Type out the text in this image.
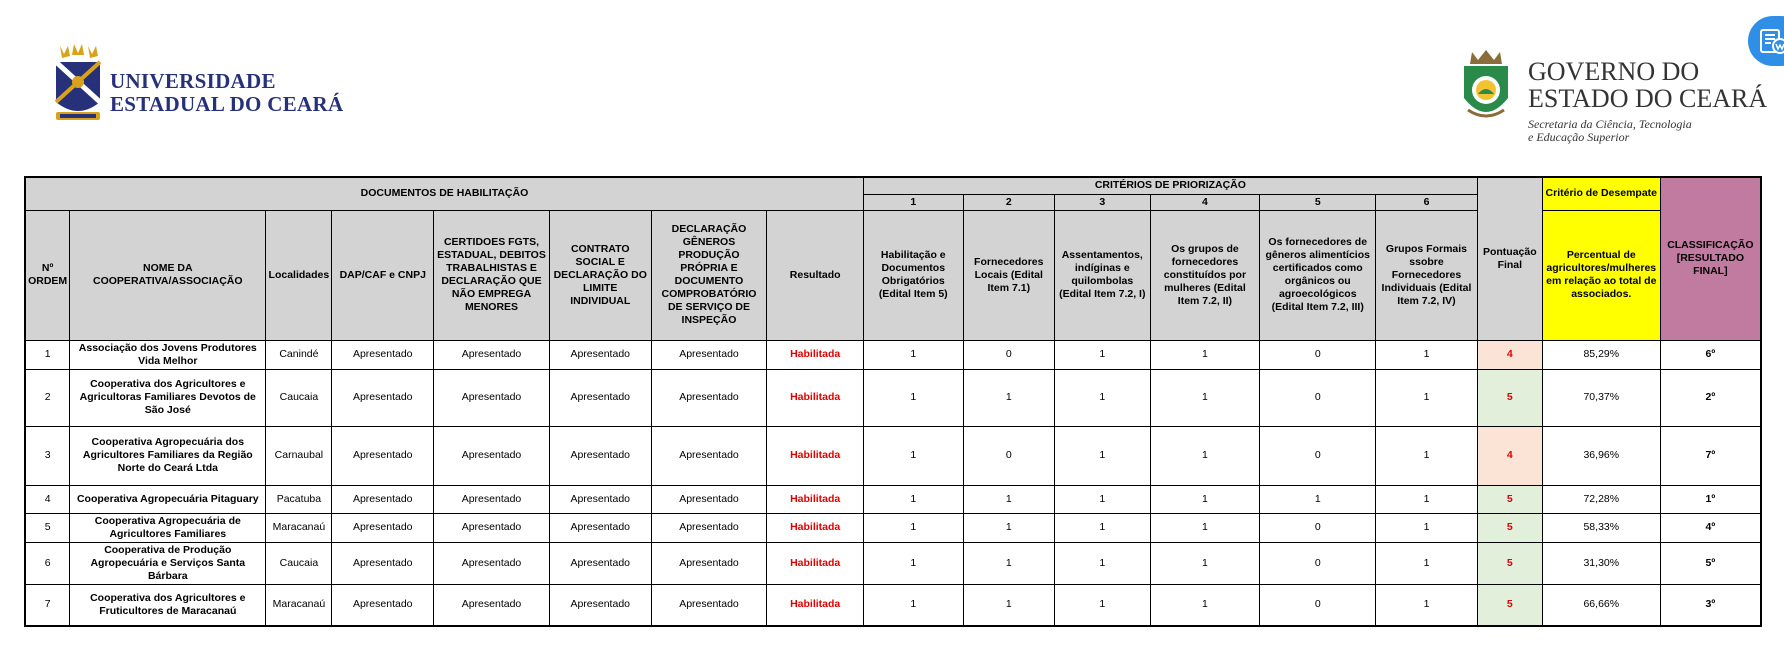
UNIVERSIDADE
ESTADUAL DO CEARÁ
GOVERNO DO
ESTADO DO CEARÁ
Secretaria da Ciência, Tecnologia
e Educação Superior
DOCUMENTOS DE HABILITAÇÃO								CRITÉRIOS DE PRIORIZAÇÃO						Pontuação Final	Critério de Desempate	CLASSIFICAÇÃO [RESULTADO FINAL]
								1	2	3	4	5	6			
Nº ORDEM	NOME DA COOPERATIVA/ASSOCIAÇÃO	Localidades	DAP/CAF e CNPJ	CERTIDOES FGTS, ESTADUAL, DEBITOS TRABALHISTAS E DECLARAÇÃO QUE NÃO EMPREGA MENORES	CONTRATO SOCIAL E DECLARAÇÃO DO LIMITE INDIVIDUAL	DECLARAÇÃO GÊNEROS PRODUÇÃO PRÓPRIA E DOCUMENTO COMPROBATÓRIO DE SERVIÇO DE INSPEÇÃO	Resultado	Habilitação e Documentos Obrigatórios (Edital Item 5)	Fornecedores Locais (Edital Item 7.1)	Assentamentos, indíginas e quilombolas (Edital Item 7.2, I)	Os grupos de fornecedores constituídos por mulheres (Edital Item 7.2, II)	Os fornecedores de gêneros alimentícios certificados como orgânicos ou agroecológicos (Edital Item 7.2, III)	Grupos Formais ssobre Fornecedores Individuais (Edital Item 7.2, IV)		Percentual de agricultores/mulheres em relação ao total de associados.	
1	Associação dos Jovens Produtores Vida Melhor	Canindé	Apresentado	Apresentado	Apresentado	Apresentado	Habilitada	1	0	1	1	0	1	4	85,29%	6º
2	Cooperativa dos Agricultores e Agricultoras Familiares Devotos de São José	Caucaia	Apresentado	Apresentado	Apresentado	Apresentado	Habilitada	1	1	1	1	0	1	5	70,37%	2º
3	Cooperativa Agropecuária dos Agricultores Familiares da Região Norte do Ceará Ltda	Carnaubal	Apresentado	Apresentado	Apresentado	Apresentado	Habilitada	1	0	1	1	0	1	4	36,96%	7º
4	Cooperativa Agropecuária Pitaguary	Pacatuba	Apresentado	Apresentado	Apresentado	Apresentado	Habilitada	1	1	1	1	1	1	5	72,28%	1º
5	Cooperativa Agropecuária de Agricultores Familiares	Maracanaú	Apresentado	Apresentado	Apresentado	Apresentado	Habilitada	1	1	1	1	0	1	5	58,33%	4º
6	Cooperativa de Produção Agropecuária e Serviços Santa Bárbara	Caucaia	Apresentado	Apresentado	Apresentado	Apresentado	Habilitada	1	1	1	1	0	1	5	31,30%	5º
7	Cooperativa dos Agricultores e Fruticultores de Maracanaú	Maracanaú	Apresentado	Apresentado	Apresentado	Apresentado	Habilitada	1	1	1	1	0	1	5	66,66%	3º
